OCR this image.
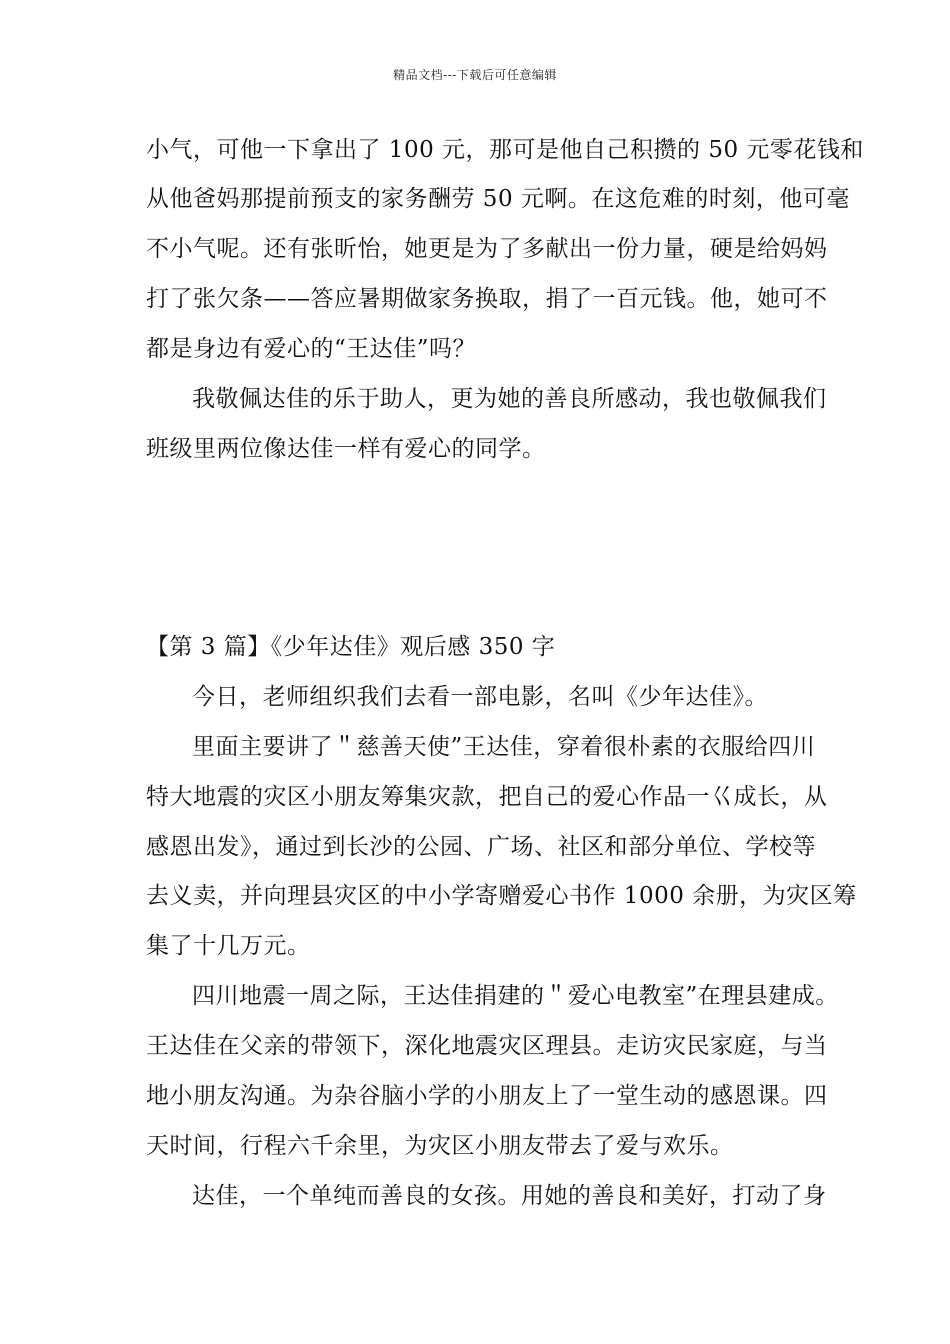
精品文档---下载后可任意编辑
小气，可他一下拿出了 100 元，那可是他自己积攒的 50 元零花钱和
从他爸妈那提前预支的家务酬劳 50 元啊。在这危难的时刻，他可毫
不小气呢。还有张昕怡，她更是为了多献出一份力量，硬是给妈妈
打了张欠条——答应暑期做家务换取，捐了一百元钱。他，她可不
都是身边有爱心的“王达佳”吗？
我敬佩达佳的乐于助人，更为她的善良所感动，我也敬佩我们
班级里两位像达佳一样有爱心的同学。
【第 3 篇】《少年达佳》观后感 350 字
今日，老师组织我们去看一部电影，名叫《少年达佳》。
里面主要讲了＂慈善天使”王达佳，穿着很朴素的衣服给四川
特大地震的灾区小朋友筹集灾款，把自己的爱心作品一巜成长，从
感恩出发》，通过到长沙的公园、广场、社区和部分单位、学校等
去义卖，并向理县灾区的中小学寄赠爱心书作 1000 余册，为灾区筹
集了十几万元。
四川地震一周之际，王达佳捐建的＂爱心电教室”在理县建成。
王达佳在父亲的带领下，深化地震灾区理县。走访灾民家庭，与当
地小朋友沟通。为杂谷脑小学的小朋友上了一堂生动的感恩课。四
天时间，行程六千余里，为灾区小朋友带去了爱与欢乐。
达佳，一个单纯而善良的女孩。用她的善良和美好，打动了身
